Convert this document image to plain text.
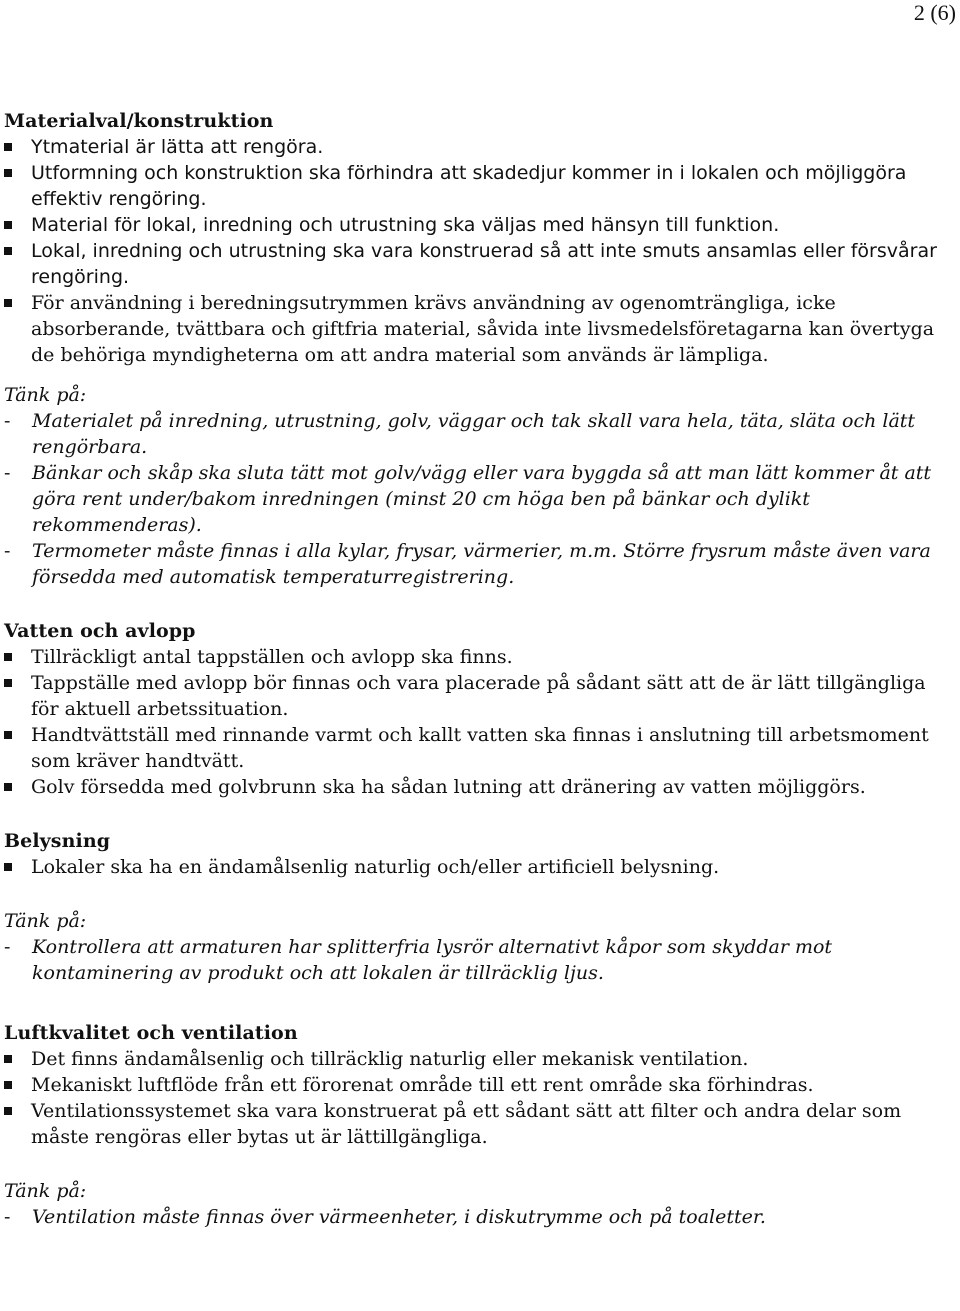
2 (6)
Materialval/konstruktion
Ytmaterial är lätta att rengöra.
Utformning och konstruktion ska förhindra att skadedjur kommer in i lokalen och möjliggöra effektiv rengöring.
Material för lokal, inredning och utrustning ska väljas med hänsyn till funktion.
Lokal, inredning och utrustning ska vara konstruerad så att inte smuts ansamlas eller försvårar rengöring.
För användning i beredningsutrymmen krävs användning av ogenomträngliga, icke absorberande, tvättbara och giftfria material, såvida inte livsmedelsföretagarna kan övertyga de behöriga myndigheterna om att andra material som används är lämpliga.
Tänk på:
- Materialet på inredning, utrustning, golv, väggar och tak skall vara hela, täta, släta och lätt rengörbara.
- Bänkar och skåp ska sluta tätt mot golv/vägg eller vara byggda så att man lätt kommer åt att göra rent under/bakom inredningen (minst 20 cm höga ben på bänkar och dylikt rekommenderas).
- Termometer måste finnas i alla kylar, frysar, värmerier, m.m. Större frysrum måste även vara försedda med automatisk temperaturregistrering.
Vatten och avlopp
Tillräckligt antal tappställen och avlopp ska finns.
Tappställe med avlopp bör finnas och vara placerade på sådant sätt att de är lätt tillgängliga för aktuell arbetssituation.
Handtvättställ med rinnande varmt och kallt vatten ska finnas i anslutning till arbetsmoment som kräver handtvätt.
Golv försedda med golvbrunn ska ha sådan lutning att dränering av vatten möjliggörs.
Belysning
Lokaler ska ha en ändamålsenlig naturlig och/eller artificiell belysning.
Tänk på:
- Kontrollera att armaturen har splitterfria lysrör alternativt kåpor som skyddar mot kontaminering av produkt och att lokalen är tillräcklig ljus.
Luftkvalitet och ventilation
Det finns ändamålsenlig och tillräcklig naturlig eller mekanisk ventilation.
Mekaniskt luftflöde från ett förorenat område till ett rent område ska förhindras.
Ventilationssystemet ska vara konstruerat på ett sådant sätt att filter och andra delar som måste rengöras eller bytas ut är lättillgängliga.
Tänk på:
- Ventilation måste finnas över värmeenheter, i diskutrymme och på toaletter.
